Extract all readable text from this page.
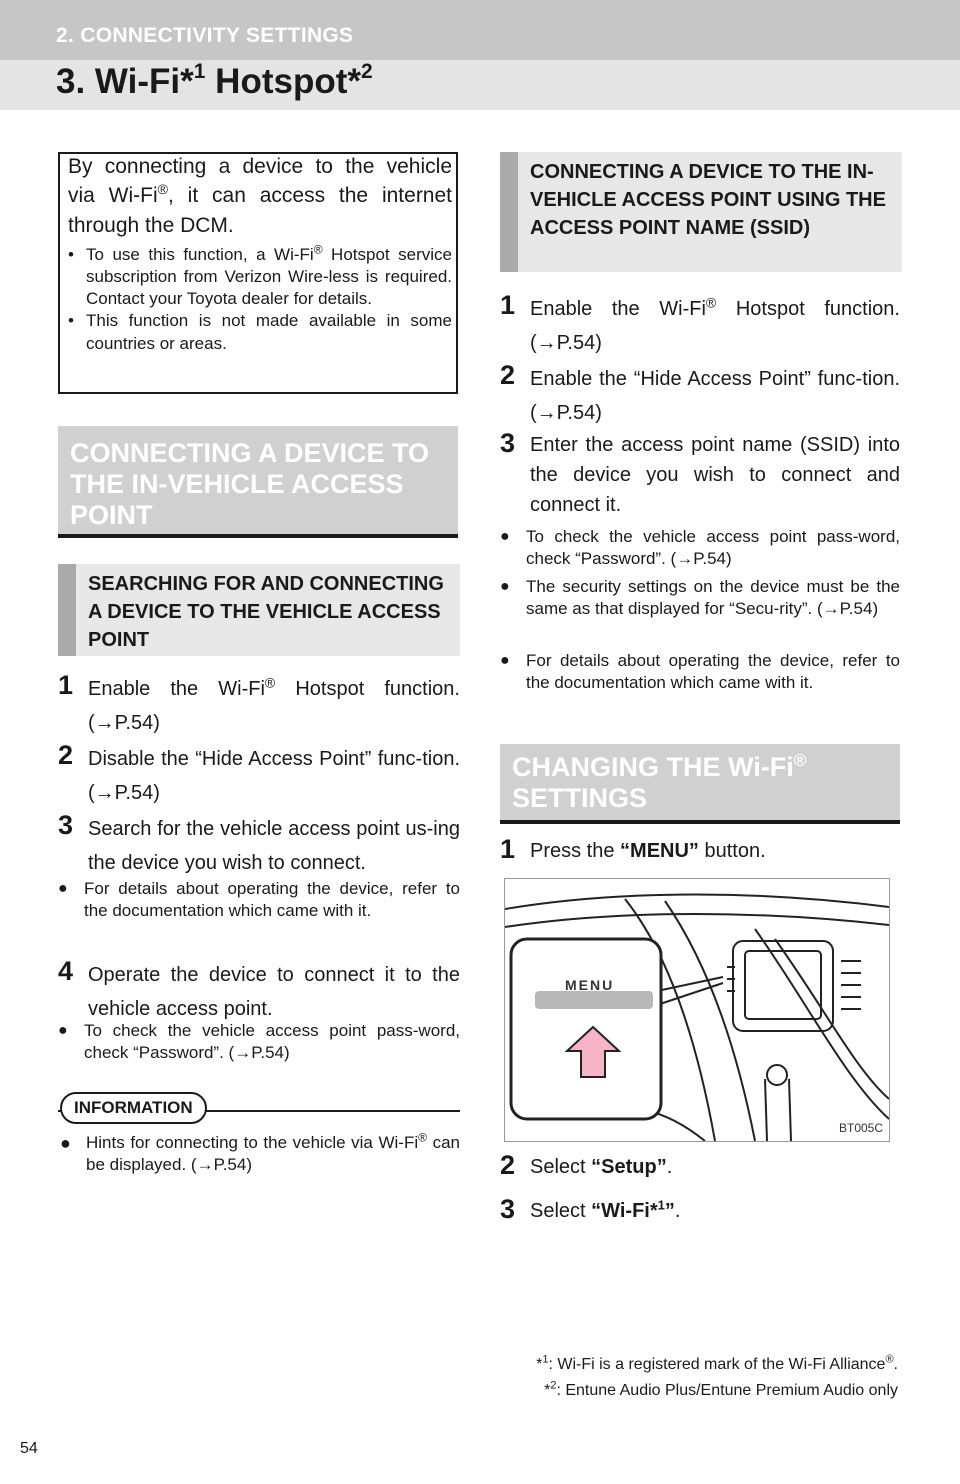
2. CONNECTIVITY SETTINGS
3. Wi-Fi*$^1$ Hotspot*$^2$
By connecting a device to the vehicle
via Wi-Fi®, it can access the internet
through the DCM.
• To use this function, a Wi-Fi® Hotspot service subscription from Verizon Wire-less is required. Contact your Toyota dealer for details.
• This function is not made available in some countries or areas.
CONNECTING A DEVICE TO THE IN-VEHICLE ACCESS POINT
SEARCHING FOR AND CONNECTING A DEVICE TO THE VEHICLE ACCESS POINT
1 Enable the Wi-Fi® Hotspot function. (→P.54)
2 Disable the “Hide Access Point” func-tion. (→P.54)
3 Search for the vehicle access point us-ing the device you wish to connect.
● For details about operating the device, refer to the documentation which came with it.
4 Operate the device to connect it to the vehicle access point.
● To check the vehicle access point pass-word, check “Password”. (→P.54)
INFORMATION
● Hints for connecting to the vehicle via Wi-Fi® can be displayed. (→P.54)
CONNECTING A DEVICE TO THE IN-VEHICLE ACCESS POINT USING THE ACCESS POINT NAME (SSID)
1 Enable the Wi-Fi® Hotspot function. (→P.54)
2 Enable the “Hide Access Point” func-tion. (→P.54)
3 Enter the access point name (SSID) into the device you wish to connect and connect it.
● To check the vehicle access point pass-word, check “Password”. (→P.54)
● The security settings on the device must be the same as that displayed for “Secu-rity”. (→P.54)
● For details about operating the device, refer to the documentation which came with it.
CHANGING THE Wi-Fi®
SETTINGS
1 Press the “MENU” button.
MENU
BT005C
2 Select “Setup”.
3 Select “Wi-Fi*$^1$”.
*$^1$: Wi-Fi is a registered mark of the Wi-Fi Alliance®.
*$^2$: Entune Audio Plus/Entune Premium Audio only
54
